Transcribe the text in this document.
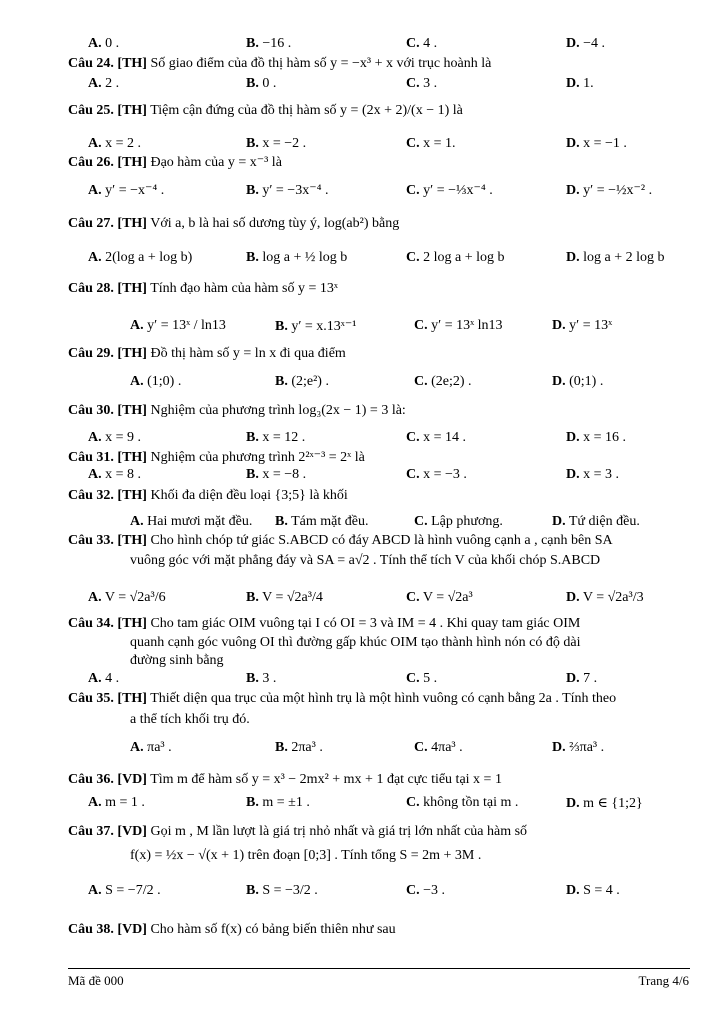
A. 0 .	B. −16 .	C. 4 .	D. −4 .
Câu 24. [TH] Số giao điểm của đồ thị hàm số y = −x³ + x với trục hoành là
A. 2 .	B. 0 .	C. 3 .	D. 1.
Câu 25. [TH] Tiệm cận đứng của đồ thị hàm số y = (2x + 2)/(x − 1) là
A. x = 2 .	B. x = −2 .	C. x = 1.	D. x = −1 .
Câu 26. [TH] Đạo hàm của y = x⁻³ là
A. y′ = −x⁻⁴ .	B. y′ = −3x⁻⁴ .	C. y′ = −⅓x⁻⁴ .	D. y′ = −½x⁻² .
Câu 27. [TH] Với a, b là hai số dương tùy ý, log(ab²) bằng
A. 2(log a + log b)	B. log a + ½ log b	C. 2 log a + log b	D. log a + 2 log b
Câu 28. [TH] Tính đạo hàm của hàm số y = 13ˣ
A. y′ = 13ˣ / ln13	B. y′ = x.13ˣ⁻¹	C. y′ = 13ˣ ln13	D. y′ = 13ˣ
Câu 29. [TH] Đồ thị hàm số y = ln x đi qua điểm
A. (1;0) .	B. (2;e²) .	C. (2e;2) .	D. (0;1) .
Câu 30. [TH] Nghiệm của phương trình log₃(2x − 1) = 3 là:
A. x = 9 .	B. x = 12 .	C. x = 14 .	D. x = 16 .
Câu 31. [TH] Nghiệm của phương trình 2²ˣ⁻³ = 2ˣ là
A. x = 8 .	B. x = −8 .	C. x = −3 .	D. x = 3 .
Câu 32. [TH] Khối đa diện đều loại {3;5} là khối
A. Hai mươi mặt đều. B. Tám mặt đều.	C. Lập phương.	D. Tứ diện đều.
Câu 33. [TH] Cho hình chóp tứ giác S.ABCD có đáy ABCD là hình vuông cạnh a , cạnh bên SA
vuông góc với mặt phẳng đáy và SA = a√2 . Tính thể tích V của khối chóp S.ABCD
A. V = √2a³/6	B. V = √2a³/4	C. V = √2a³	D. V = √2a³/3
Câu 34. [TH] Cho tam giác OIM vuông tại I có OI = 3 và IM = 4 . Khi quay tam giác OIM
quanh cạnh góc vuông OI thì đường gấp khúc OIM tạo thành hình nón có độ dài
đường sinh bằng
A. 4 .	B. 3 .	C. 5 .	D. 7 .
Câu 35. [TH] Thiết diện qua trục của một hình trụ là một hình vuông có cạnh bằng 2a . Tính theo
a thể tích khối trụ đó.
A. πa³ .	B. 2πa³ .	C. 4πa³ .	D. ⅔πa³ .
Câu 36. [VD] Tìm m để hàm số y = x³ − 2mx² + mx + 1 đạt cực tiểu tại x = 1
A. m = 1 .	B. m = ±1 .	C. không tồn tại m .	D. m ∈ {1;2}
Câu 37. [VD] Gọi m , M lần lượt là giá trị nhỏ nhất và giá trị lớn nhất của hàm số
f(x) = ½x − √(x + 1) trên đoạn [0;3] . Tính tổng S = 2m + 3M .
A. S = −7/2 .	B. S = −3/2 .	C. −3 .	D. S = 4 .
Câu 38. [VD] Cho hàm số f(x) có bảng biến thiên như sau
Mã đề 000	Trang 4/6
